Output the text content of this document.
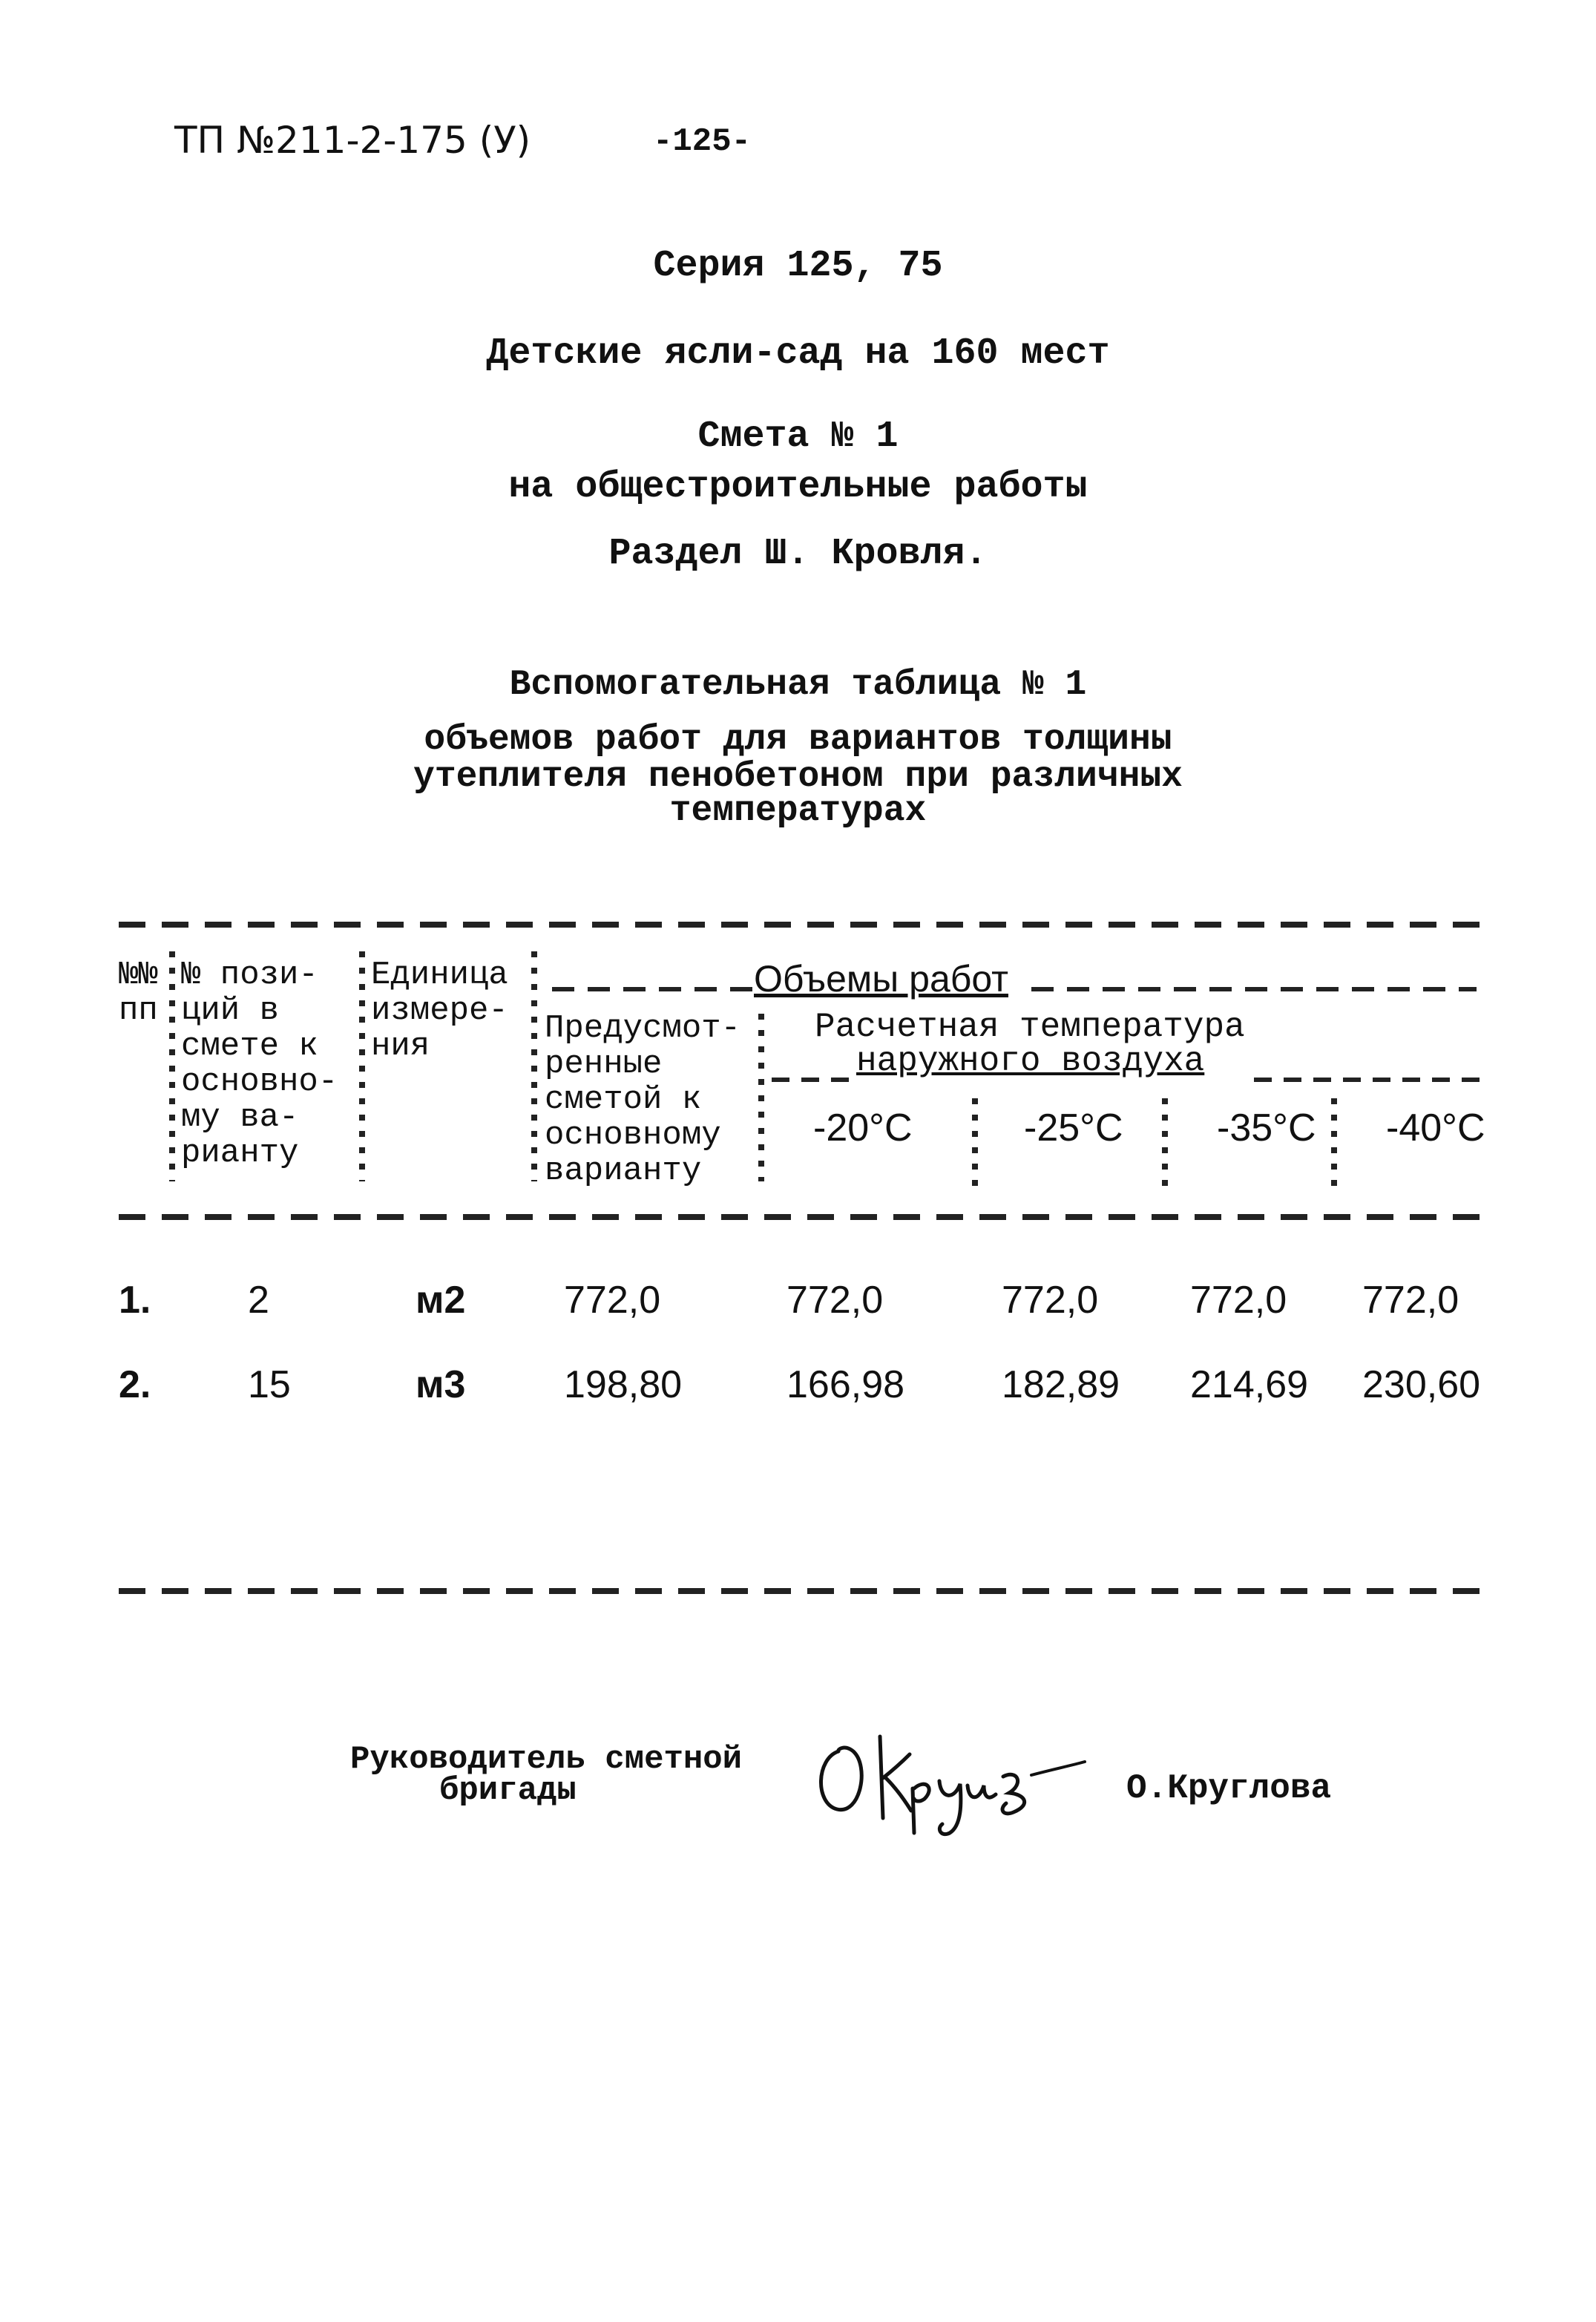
ТП №211-2-175 (У)	-125-
Серия 125, 75
Детские ясли-сад на 160 мест
Смета № 1
на общестроительные работы
Раздел Ш. Кровля.
Вспомогательная таблица № 1
объемов работ для вариантов толщины
утеплителя пенобетоном при различных
температурах
№№
пп
№ пози-
ций в
смете к
основно-
му ва-
рианту
Единица
измере-
ния
Объемы работ
Предусмот-
ренные
сметой к
основному
варианту
Расчетная температура
наружного воздуха
-20°С	-25°С -35°С -40°С
1.	2	м2	772,0	772,0	772,0 772,0 772,0
2.	15	м3	198,80	166,98	182,89 214,69 230,60
Руководитель сметной
бригады	О.Круглова
